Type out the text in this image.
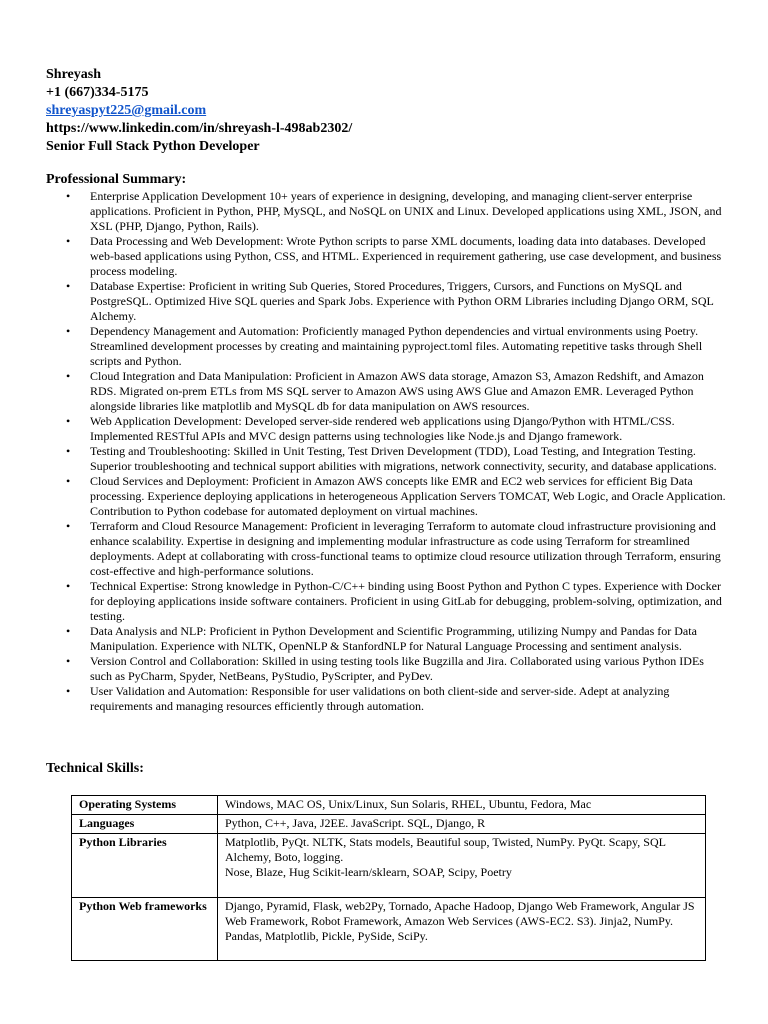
Shreyash
+1 (667)334-5175
shreyaspyt225@gmail.com
https://www.linkedin.com/in/shreyash-l-498ab2302/
Senior Full Stack Python Developer
Professional Summary:
• Enterprise Application Development 10+ years of experience in designing, developing, and managing client-server enterprise applications. Proficient in Python, PHP, MySQL, and NoSQL on UNIX and Linux. Developed applications using XML, JSON, and XSL (PHP, Django, Python, Rails).
• Data Processing and Web Development: Wrote Python scripts to parse XML documents, loading data into databases. Developed web-based applications using Python, CSS, and HTML. Experienced in requirement gathering, use case development, and business process modeling.
• Database Expertise: Proficient in writing Sub Queries, Stored Procedures, Triggers, Cursors, and Functions on MySQL and PostgreSQL. Optimized Hive SQL queries and Spark Jobs. Experience with Python ORM Libraries including Django ORM, SQL Alchemy.
• Dependency Management and Automation: Proficiently managed Python dependencies and virtual environments using Poetry. Streamlined development processes by creating and maintaining pyproject.toml files. Automating repetitive tasks through Shell scripts and Python.
• Cloud Integration and Data Manipulation: Proficient in Amazon AWS data storage, Amazon S3, Amazon Redshift, and Amazon RDS. Migrated on-prem ETLs from MS SQL server to Amazon AWS using AWS Glue and Amazon EMR. Leveraged Python alongside libraries like matplotlib and MySQL db for data manipulation on AWS resources.
• Web Application Development: Developed server-side rendered web applications using Django/Python with HTML/CSS. Implemented RESTful APIs and MVC design patterns using technologies like Node.js and Django framework.
• Testing and Troubleshooting: Skilled in Unit Testing, Test Driven Development (TDD), Load Testing, and Integration Testing. Superior troubleshooting and technical support abilities with migrations, network connectivity, security, and database applications.
• Cloud Services and Deployment: Proficient in Amazon AWS concepts like EMR and EC2 web services for efficient Big Data processing. Experience deploying applications in heterogeneous Application Servers TOMCAT, Web Logic, and Oracle Application. Contribution to Python codebase for automated deployment on virtual machines.
• Terraform and Cloud Resource Management: Proficient in leveraging Terraform to automate cloud infrastructure provisioning and enhance scalability. Expertise in designing and implementing modular infrastructure as code using Terraform for streamlined deployments. Adept at collaborating with cross-functional teams to optimize cloud resource utilization through Terraform, ensuring cost-effective and high-performance solutions.
• Technical Expertise: Strong knowledge in Python-C/C++ binding using Boost Python and Python C types. Experience with Docker for deploying applications inside software containers. Proficient in using GitLab for debugging, problem-solving, optimization, and testing.
• Data Analysis and NLP: Proficient in Python Development and Scientific Programming, utilizing Numpy and Pandas for Data Manipulation. Experience with NLTK, OpenNLP & StanfordNLP for Natural Language Processing and sentiment analysis.
• Version Control and Collaboration: Skilled in using testing tools like Bugzilla and Jira. Collaborated using various Python IDEs such as PyCharm, Spyder, NetBeans, PyStudio, PyScripter, and PyDev.
• User Validation and Automation: Responsible for user validations on both client-side and server-side. Adept at analyzing requirements and managing resources efficiently through automation.
Technical Skills:
Operating Systems	Windows, MAC OS, Unix/Linux, Sun Solaris, RHEL, Ubuntu, Fedora, Mac

Languages	Python, C++, Java, J2EE. JavaScript. SQL, Django, R

Python Libraries	Matplotlib, PyQt. NLTK, Stats models, Beautiful soup, Twisted, NumPy. PyQt. Scapy, SQL Alchemy, Boto, logging.
Nose, Blaze, Hug Scikit-learn/sklearn, SOAP, Scipy, Poetry

Python Web frameworks	Django, Pyramid, Flask, web2Py, Tornado, Apache Hadoop, Django Web Framework, Angular JS Web Framework, Robot Framework, Amazon Web Services (AWS-EC2. S3). Jinja2, NumPy. Pandas, Matplotlib, Pickle, PySide, SciPy.
